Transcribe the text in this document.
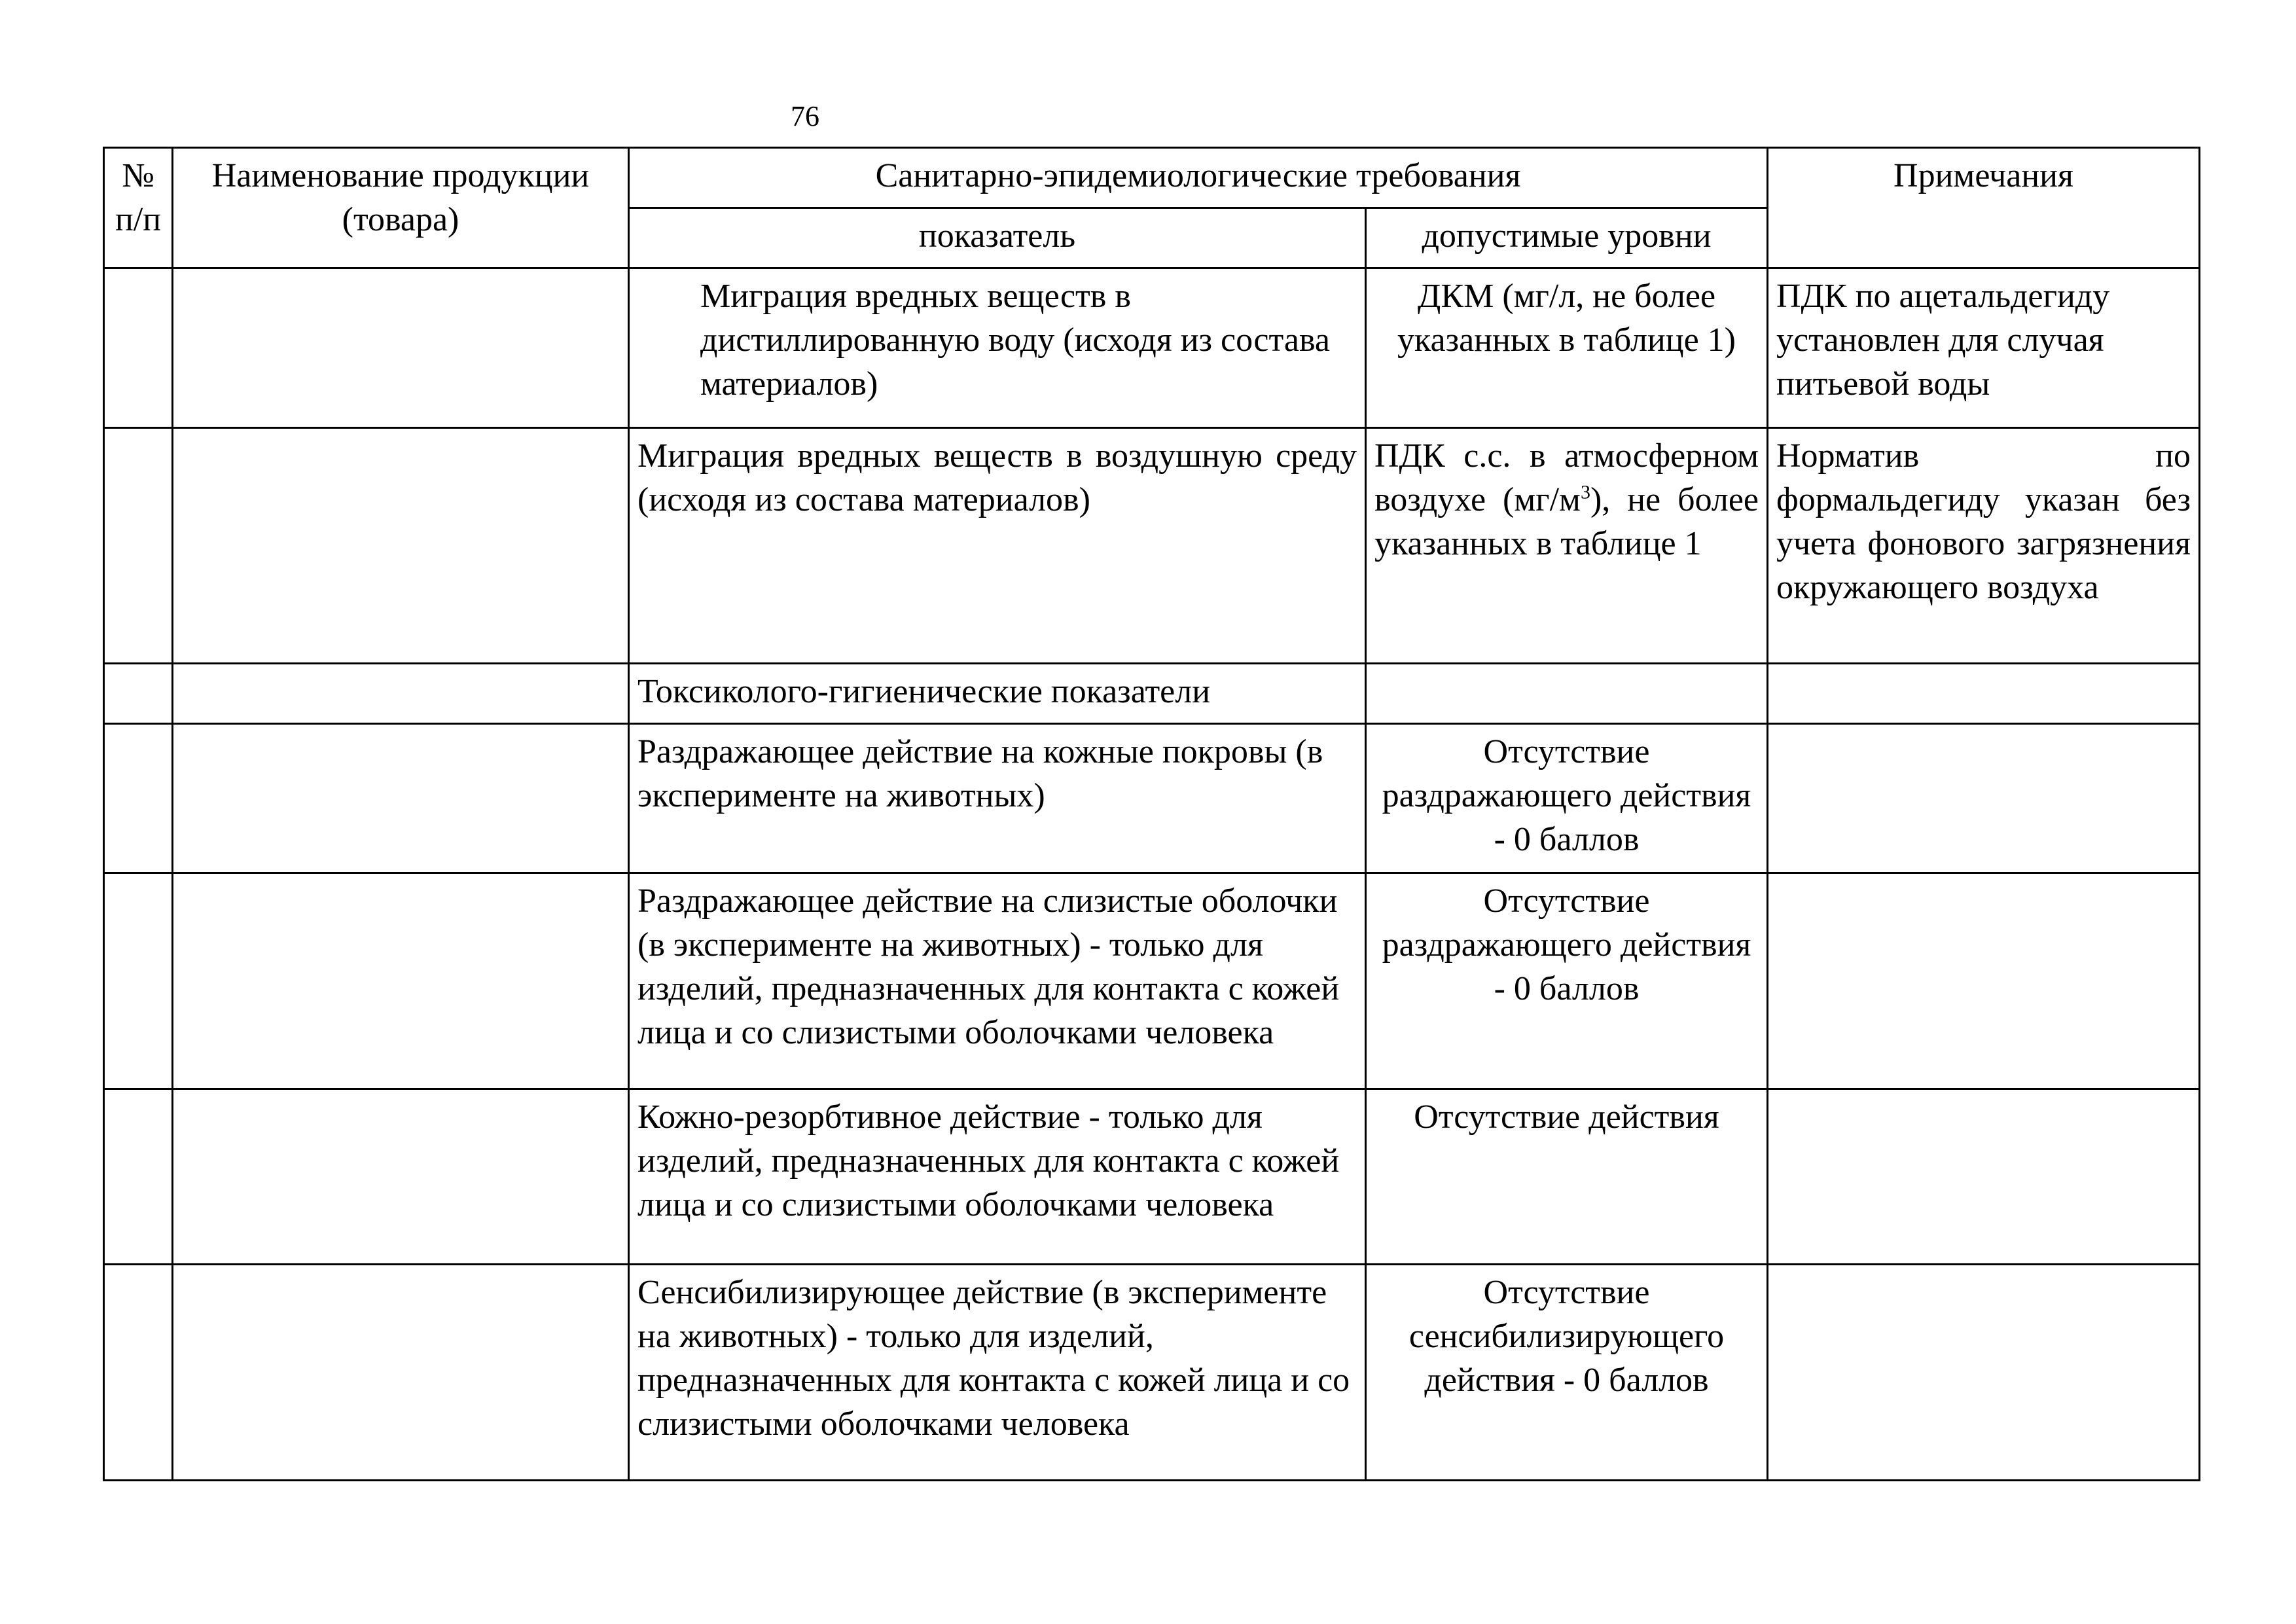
76
№ п/п	Наименование продукции (товара)	Санитарно-эпидемиологические требования		Примечания
		показатель	допустимые уровни	
		Миграция вредных веществ в дистиллированную воду (исходя из состава материалов)	ДКМ (мг/л, не более указанных в таблице 1)	ПДК по ацетальдегиду установлен для случая питьевой воды
		Миграция вредных веществ в воздушную среду (исходя из состава материалов)	ПДК с.с. в атмосферном воздухе $(мг/м^3)$, не более указанных в таблице 1	Норматив по формальдегиду указан без учета фонового загрязнения окружающего воздуха
		Токсиколого-гигиенические показатели		
		Раздражающее действие на кожные покровы (в эксперименте на животных)	Отсутствие раздражающего действия - 0 баллов	
		Раздражающее действие на слизистые оболочки (в эксперименте на животных) - только для изделий, предназначенных для контакта с кожей лица и со слизистыми оболочками человека	Отсутствие раздражающего действия - 0 баллов	
		Кожно-резорбтивное действие - только для изделий, предназначенных для контакта с кожей лица и со слизистыми оболочками человека	Отсутствие действия	
		Сенсибилизирующее действие (в эксперименте на животных) - только для изделий, предназначенных для контакта с кожей лица и со слизистыми оболочками человека	Отсутствие сенсибилизирующего действия - 0 баллов	
